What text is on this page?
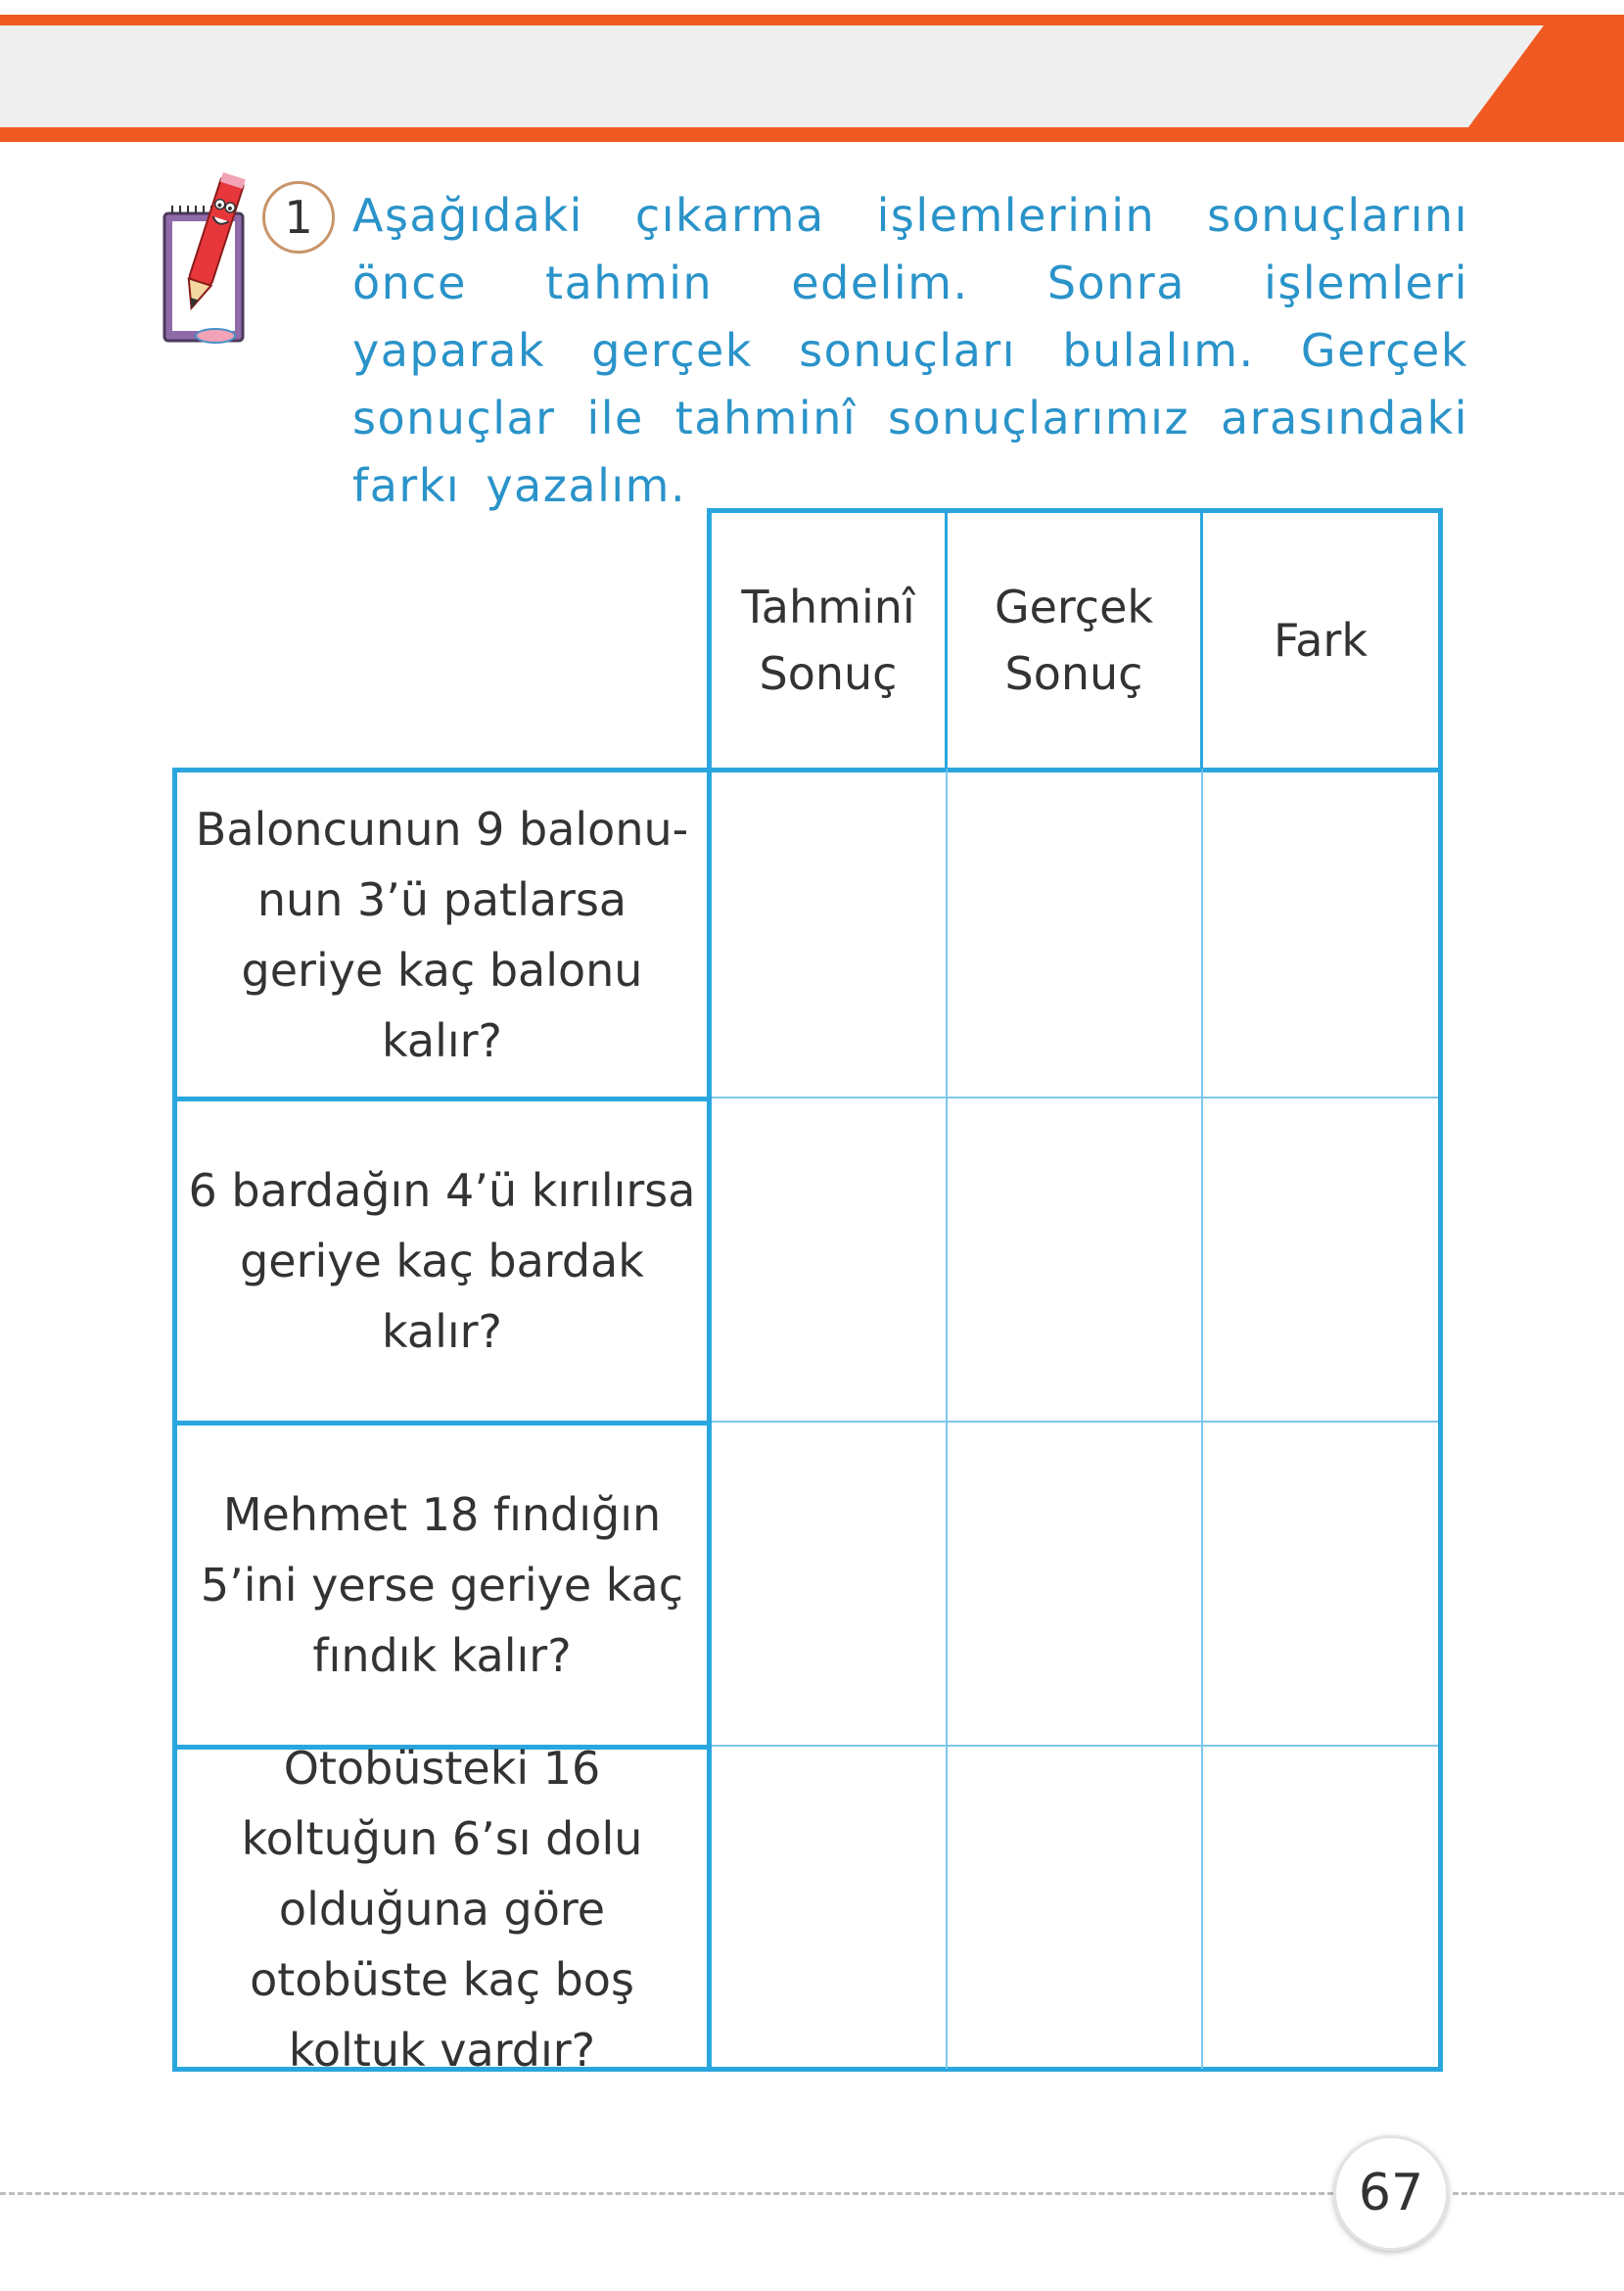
1 Aşağıdaki çıkarma işlemlerinin sonuçlarını önce tahmin edelim. Sonra işlemleri yaparak gerçek sonuçları bulalım. Gerçek sonuçlar ile tahminî sonuçlarımız arasındaki farkı yazalım.
Tahminî
Sonuç
Gerçek
Sonuç
Fark
Baloncunun 9 balonu-nun 3’ü patlarsa geriye kaç balonu kalır?
6 bardağın 4’ü kırılırsa geriye kaç bardak kalır?
Mehmet 18 fındığın 5’ini yerse geriye kaç fındık kalır?
Otobüsteki 16 koltuğun 6’sı dolu olduğuna göre otobüste kaç boş koltuk vardır?
67
